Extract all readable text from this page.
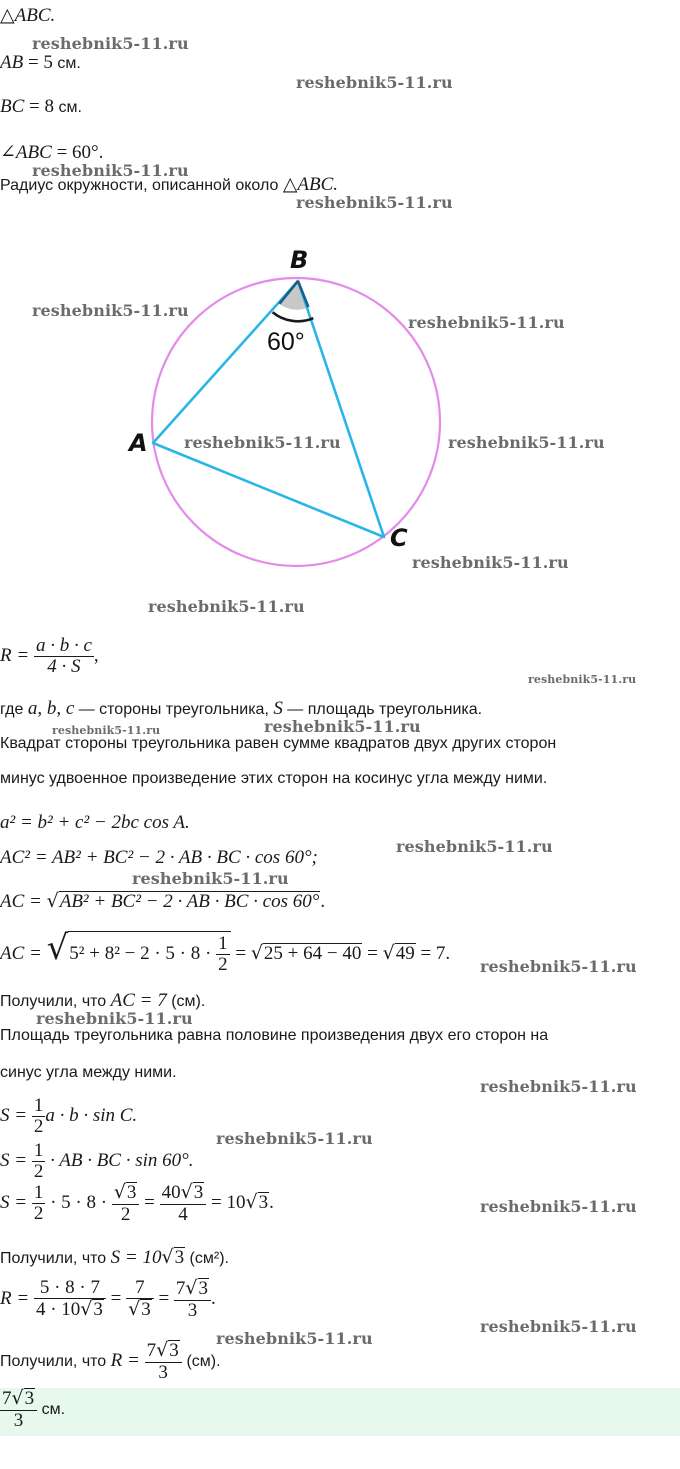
△ABC.
AB = 5 см.
BC = 8 см.
∠ABC = 60°.
Радиус окружности, описанной около △ABC.
B
A
C
60°
$R = \frac{a \cdot b \cdot c}{4 \cdot S}$ ,
где a, b, c — стороны треугольника, S — площадь треугольника.
Квадрат стороны треугольника равен сумме квадратов двух других сторон
минус удвоенное произведение этих сторон на косинус угла между ними.
a² = b² + c² − 2bc cos A.
AC² = AB² + BC² − 2 · AB · BC · cos 60°;
AC = √AB² + BC² − 2 · AB · BC · cos 60°.
AC = $√5^2 + 8^2 - 2 \cdot 5 \cdot 8 \cdot \frac{1}{2} = √25 + 64 - 40 = √49 = 7$.
Получили, что AC = 7 (см).
Площадь треугольника равна половине произведения двух его сторон на
синус угла между ними.
$S = \frac{1}{2}$ a · b · sin C.
$S = \frac{1}{2}$ · AB · BC · sin 60°.
$S = \frac{1}{2} \cdot 5 \cdot 8 \cdot \frac{√3}{2} = \frac{40√3}{4} = 10√3$.
Получили, что S = 10√3 (см²).
$R = \frac{5 \cdot 8 \cdot 7}{4 \cdot 10√3} = \frac{7}{√3} = \frac{7√3}{3}$ .
Получили, что $R = \frac{7√3}{3} (см)$.
$\frac{7√3}{3}$ см.
reshebnik5-11.ru
reshebnik5-11.ru
reshebnik5-11.ru
reshebnik5-11.ru
reshebnik5-11.ru
reshebnik5-11.ru
reshebnik5-11.ru	reshebnik5-11.ru
reshebnik5-11.ru
reshebnik5-11.ru
reshebnik5-11.ru
reshebnik5-11.ru	reshebnik5-11.ru
reshebnik5-11.ru
reshebnik5-11.ru
reshebnik5-11.ru
reshebnik5-11.ru
reshebnik5-11.ru
reshebnik5-11.ru
reshebnik5-11.ru
reshebnik5-11.ru
reshebnik5-11.ru
